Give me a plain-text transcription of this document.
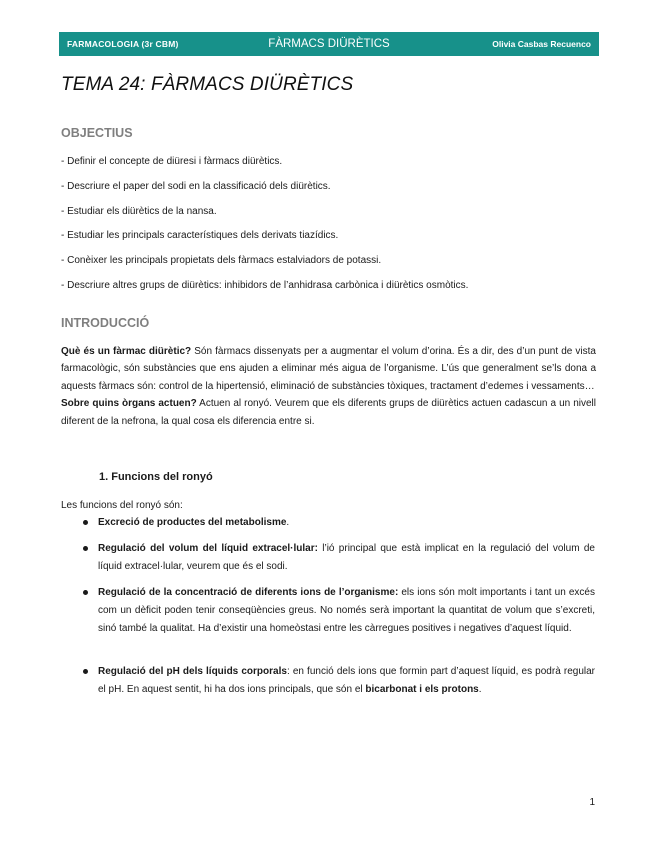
FARMACOLOGIA (3r CBM)	FÀRMACS DIÜRÈTICS	Olivia Casbas Recuenco
TEMA 24: FÀRMACS DIÜRÈTICS
OBJECTIUS
- Definir el concepte de diüresi i fàrmacs diürètics.
- Descriure el paper del sodi en la classificació dels diürètics.
- Estudiar els diürètics de la nansa.
- Estudiar les principals característiques dels derivats tiazídics.
- Conèixer les principals propietats dels fàrmacs estalviadors de potassi.
- Descriure altres grups de diürètics: inhibidors de l’anhidrasa carbònica i diürètics osmòtics.
INTRODUCCIÓ

Què és un fàrmac diürètic? Són fàrmacs dissenyats per a augmentar el volum d’orina. És a dir, des d’un punt de vista farmacològic, són substàncies que ens ajuden a eliminar més aigua de l’organisme. L’ús que generalment se’ls dona a aquests fàrmacs són: control de la hipertensió, eliminació de substàncies tòxiques, tractament d’edemes i vessaments…
Sobre quins òrgans actuen? Actuen al ronyó. Veurem que els diferents grups de diürètics actuen cadascun a un nivell diferent de la nefrona, la qual cosa els diferencia entre si.

1. Funcions del ronyó
Les funcions del ronyó són:
Excreció de productes del metabolisme.
Regulació del volum del líquid extracel·lular: l’ió principal que està implicat en la regulació del volum de líquid extracel·lular, veurem que és el sodi.
Regulació de la concentració de diferents ions de l’organisme: els ions són molt importants i tant un excés com un dèficit poden tenir conseqüències greus. No només serà important la quantitat de volum que s’excreti, sinó també la qualitat. Ha d’existir una homeòstasi entre les càrregues positives i negatives d’aquest líquid.
Regulació del pH dels líquids corporals: en funció dels ions que formin part d’aquest líquid, es podrà regular el pH. En aquest sentit, hi ha dos ions principals, que són el bicarbonat i els protons.
1
